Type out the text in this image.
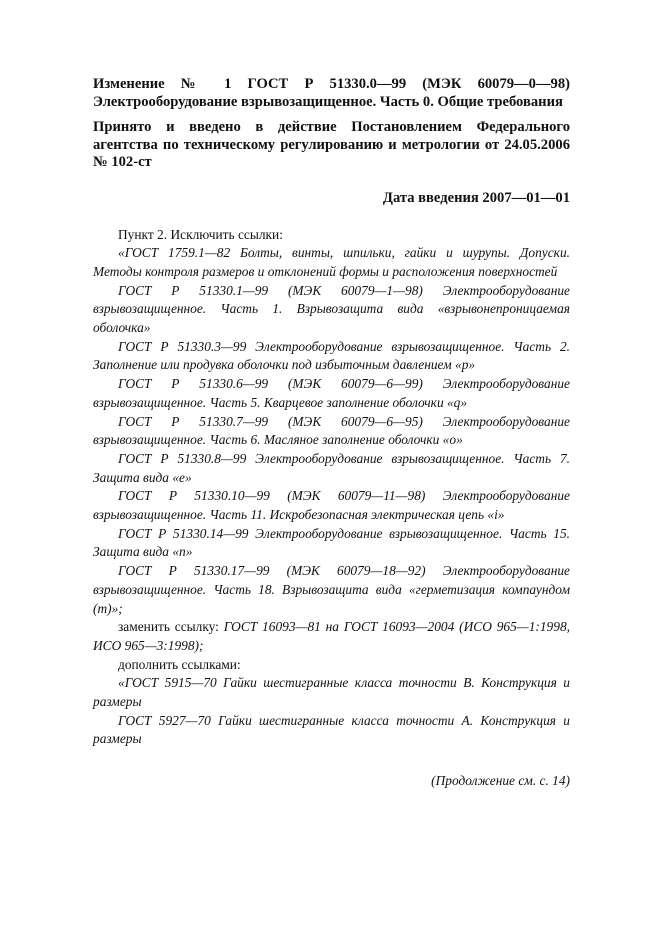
Изменение № 1 ГОСТ Р 51330.0—99 (МЭК 60079—0—98) Электрооборудование взрывозащищенное. Часть 0. Общие требования

Принято и введено в действие Постановлением Федерального агентства по техническому регулированию и метрологии от 24.05.2006 № 102-ст

Дата введения 2007—01—01

Пункт 2. Исключить ссылки:

«ГОСТ 1759.1—82 Болты, винты, шпильки, гайки и шурупы. Допуски. Методы контроля размеров и отклонений формы и расположения поверхностей

ГОСТ Р 51330.1—99 (МЭК 60079—1—98) Электрооборудование взрывозащищенное. Часть 1. Взрывозащита вида «взрывонепроницаемая оболочка»

ГОСТ Р 51330.3—99 Электрооборудование взрывозащищенное. Часть 2. Заполнение или продувка оболочки под избыточным давлением «р»

ГОСТ Р 51330.6—99 (МЭК 60079—6—99) Электрооборудование взрывозащищенное. Часть 5. Кварцевое заполнение оболочки «q»

ГОСТ Р 51330.7—99 (МЭК 60079—6—95) Электрооборудование взрывозащищенное. Часть 6. Масляное заполнение оболочки «о»

ГОСТ Р 51330.8—99 Электрооборудование взрывозащищенное. Часть 7. Защита вида «е»

ГОСТ Р 51330.10—99 (МЭК 60079—11—98) Электрооборудование взрывозащищенное. Часть 11. Искробезопасная электрическая цепь «i»

ГОСТ Р 51330.14—99 Электрооборудование взрывозащищенное. Часть 15. Защита вида «n»

ГОСТ Р 51330.17—99 (МЭК 60079—18—92) Электрооборудование взрывозащищенное. Часть 18. Взрывозащита вида «герметизация компаундом (m)»;

заменить ссылку: ГОСТ 16093—81 на ГОСТ 16093—2004 (ИСО 965—1:1998, ИСО 965—3:1998);

дополнить ссылками:

«ГОСТ 5915—70 Гайки шестигранные класса точности В. Конструкция и размеры

ГОСТ 5927—70 Гайки шестигранные класса точности А. Конструкция и размеры

(Продолжение см. с. 14)
